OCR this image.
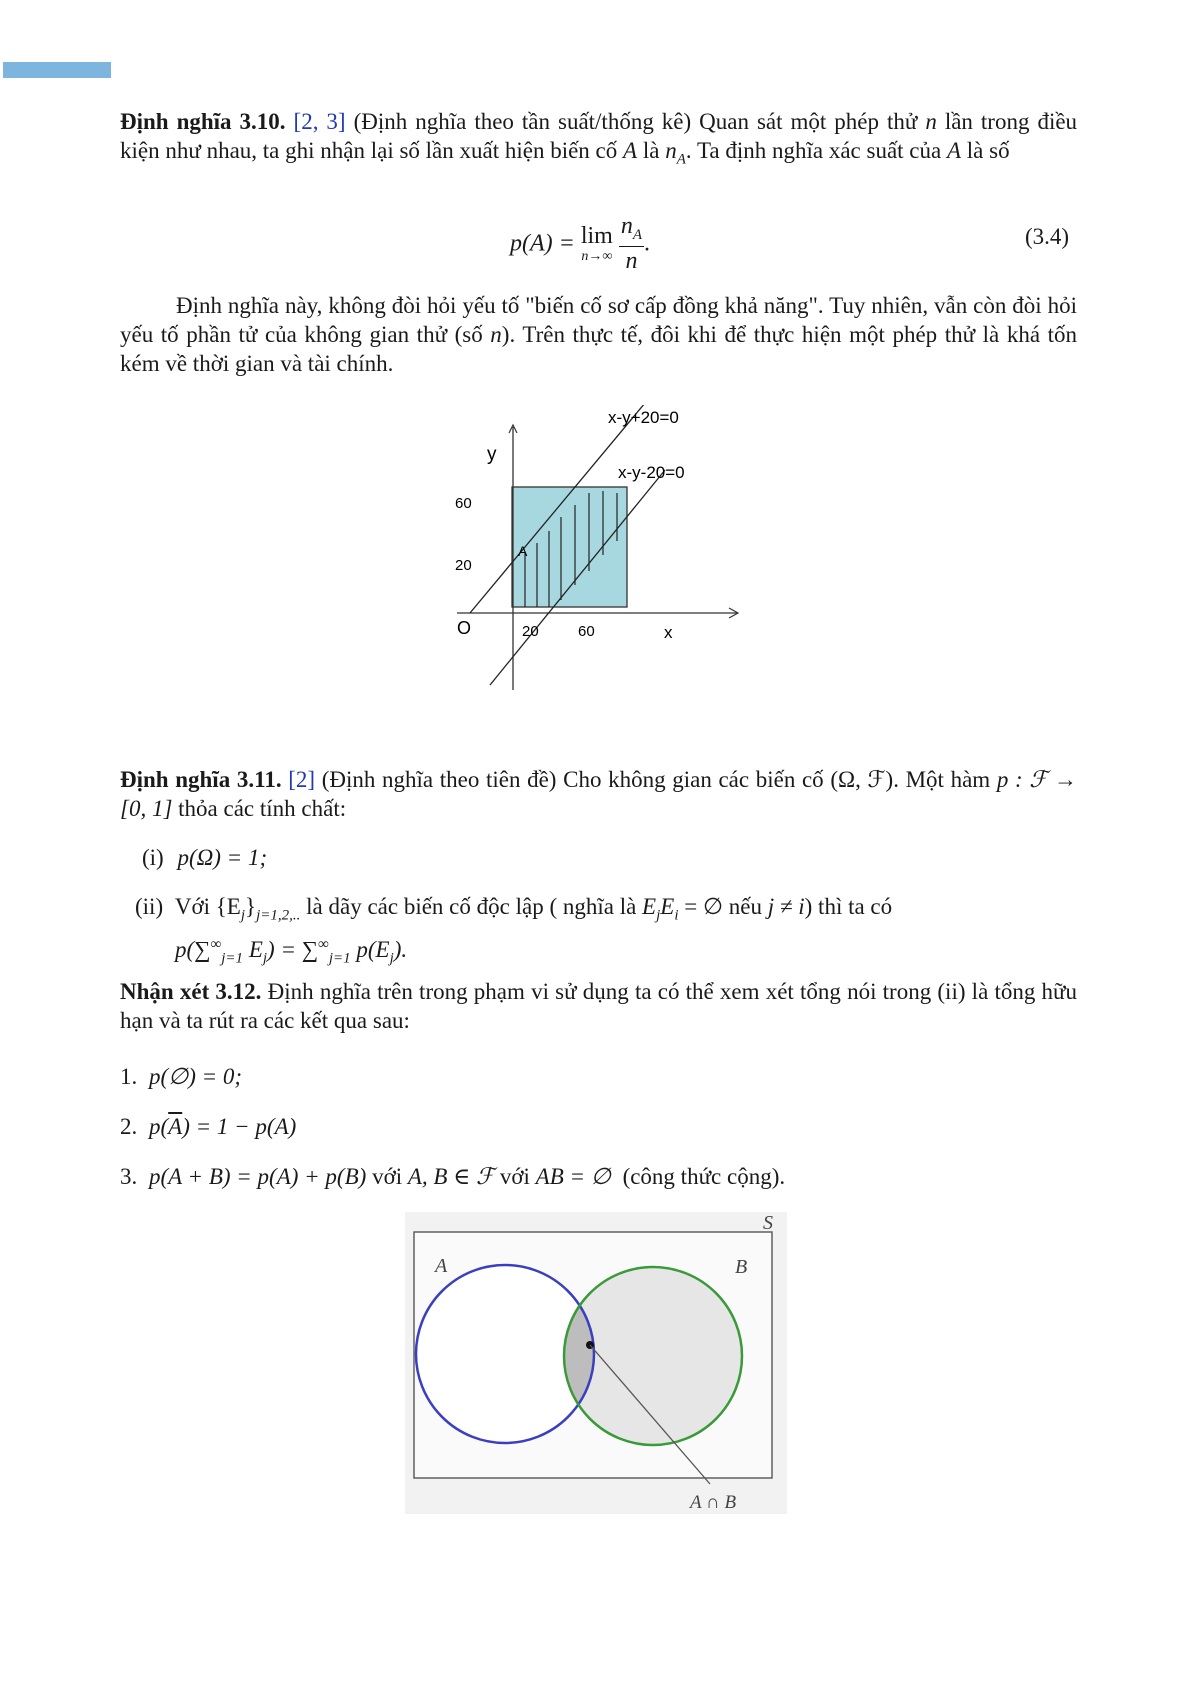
Định nghĩa 3.10. [2, 3] (Định nghĩa theo tần suất/thống kê) Quan sát một phép thử n lần trong điều kiện như nhau, ta ghi nhận lại số lần xuất hiện biến cố A là $n_A$. Ta định nghĩa xác suất của A là số
p(A) = lim
n→∞
$\frac{n_A}{n}$ .	(3.4)
Định nghĩa này, không đòi hỏi yếu tố "biến cố sơ cấp đồng khả năng". Tuy nhiên, vẫn còn đòi hỏi yếu tố phần tử của không gian thử (số n). Trên thực tế, đôi khi để thực hiện một phép thử là khá tốn kém về thời gian và tài chính.
x-y+20=0
x-y-20=0
y
x
O
60
20
20	60
A
Định nghĩa 3.11. [2] (Định nghĩa theo tiên đề) Cho không gian các biến cố (Ω, ℱ). Một hàm p : ℱ → [0, 1] thỏa các tính chất:
(i) p(Ω) = 1;
(ii) Với $\{E_j\}_{j=1,2,..}$ là dãy các biến cố độc lập ( nghĩa là $E_jE_i$ = ∅ nếu j ≠ i) thì ta có
$p(\sum^\infty_{j=1}$ $E_j) = \sum^\infty_{j=1}$ $p(E_j)$.
Nhận xét 3.12. Định nghĩa trên trong phạm vi sử dụng ta có thể xem xét tổng nói trong (ii) là tổng hữu hạn và ta rút ra các kết qua sau:
1. p(∅) = 0;
2. $p(\overline{A}) = 1 - p(A)$
3. p(A + B) = p(A) + p(B) với A, B ∈ ℱ với AB = ∅ (công thức cộng).
S
A	B
A ∩ B
